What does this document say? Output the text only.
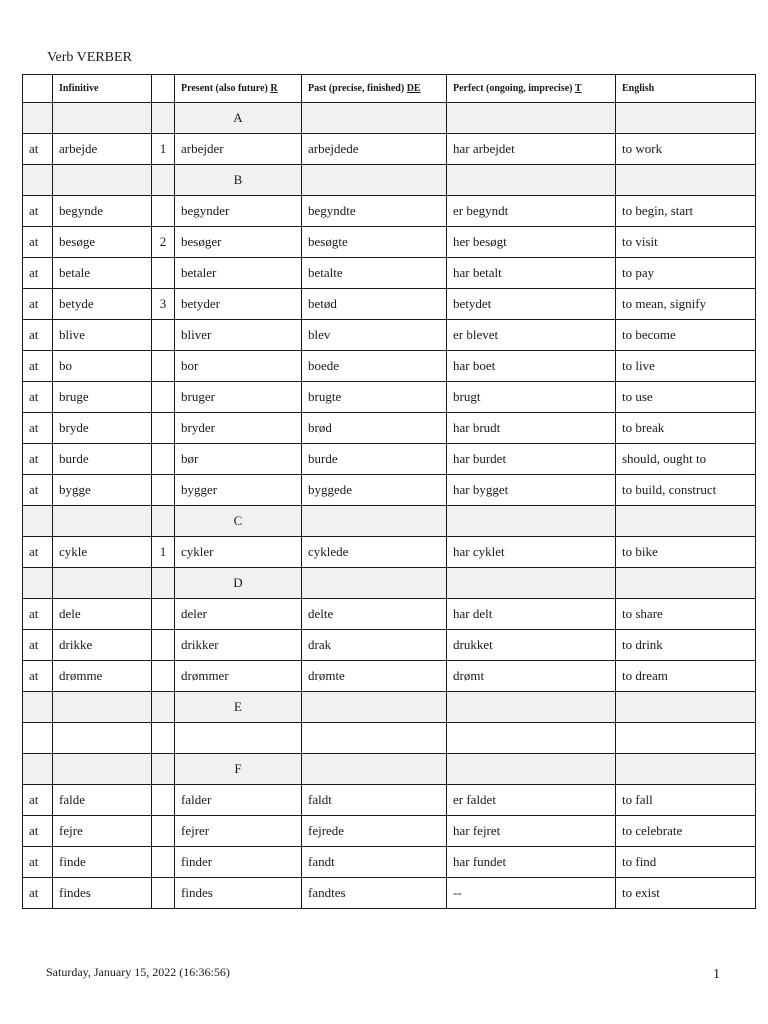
Verb VERBER
	Infinitive		Present (also future) R	Past (precise, finished) DE	Perfect (ongoing, imprecise) T	English
			A			
at	arbejde	1	arbejder	arbejdede	har arbejdet	to work
			B			
at	begynde		begynder	begyndte	er begyndt	to begin, start
at	besøge	2	besøger	besøgte	her besøgt	to visit
at	betale		betaler	betalte	har betalt	to pay
at	betyde	3	betyder	betød	betydet	to mean, signify
at	blive		bliver	blev	er blevet	to become
at	bo		bor	boede	har boet	to live
at	bruge		bruger	brugte	brugt	to use
at	bryde		bryder	brød	har brudt	to break
at	burde		bør	burde	har burdet	should, ought to
at	bygge		bygger	byggede	har bygget	to build, construct
			C			
at	cykle	1	cykler	cyklede	har cyklet	to bike
			D			
at	dele		deler	delte	har delt	to share
at	drikke		drikker	drak	drukket	to drink
at	drømme		drømmer	drømte	drømt	to dream
			E			

			F			
at	falde		falder	faldt	er faldet	to fall
at	fejre		fejrer	fejrede	har fejret	to celebrate
at	finde		finder	fandt	har fundet	to find
at	findes		findes	fandtes	--	to exist
Saturday, January 15, 2022 (16:36:56)	1
